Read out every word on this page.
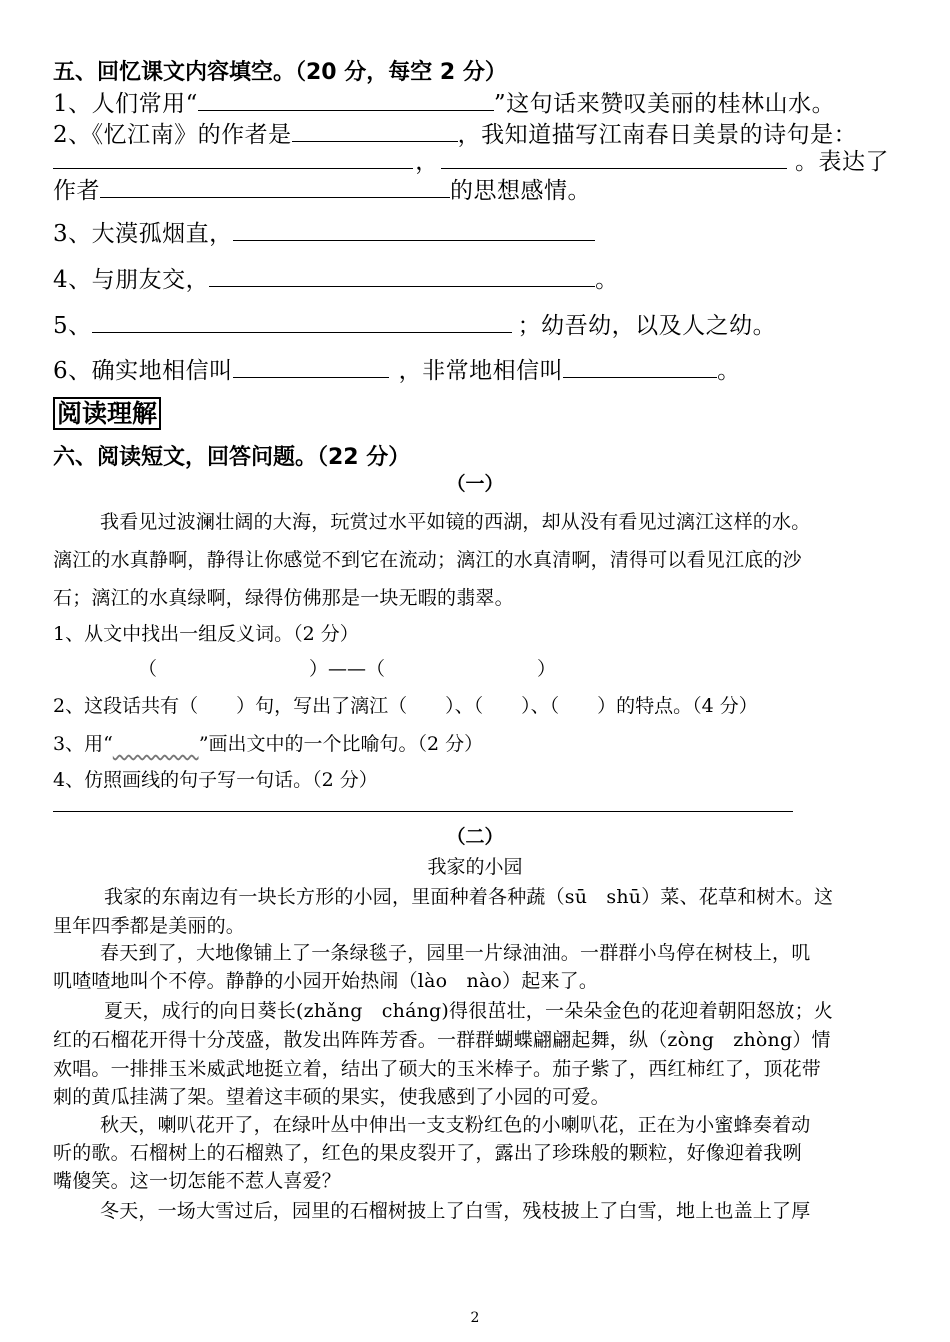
五、回忆课文内容填空。（20 分，每空 2 分）
1、人们常用“	”这句话来赞叹美丽的桂林山水。
2、《忆江南》的作者是	，我知道描写江南春日美景的诗句是：
，	。表达了
作者	的思想感情。
3、大漠孤烟直，
4、与朋友交，	。
5、	；幼吾幼，以及人之幼。
6、确实地相信叫	，非常地相信叫	。
阅读理解
六、阅读短文，回答问题。（22 分）
（一）
我看见过波澜壮阔的大海，玩赏过水平如镜的西湖，却从没有看见过漓江这样的水。
漓江的水真静啊，静得让你感觉不到它在流动；漓江的水真清啊，清得可以看见江底的沙
石；漓江的水真绿啊，绿得仿佛那是一块无暇的翡翠。
1、从文中找出一组反义词。（2 分）
（　　　　　　　　）——（　　　　　　　　）
2、这段话共有（　　）句，写出了漓江（　　）、（　　）、（　　）的特点。（4 分）
3、用“	”画出文中的一个比喻句。（2 分）
4、仿照画线的句子写一句话。（2 分）
（二）
我家的小园
我家的东南边有一块长方形的小园，里面种着各种蔬（sū　shū）菜、花草和树木。这
里年四季都是美丽的。
春天到了，大地像铺上了一条绿毯子，园里一片绿油油。一群群小鸟停在树枝上，叽
叽喳喳地叫个不停。静静的小园开始热闹（lào　nào）起来了。
夏天，成行的向日葵长(zhǎng　cháng)得很茁壮，一朵朵金色的花迎着朝阳怒放；火
红的石榴花开得十分茂盛，散发出阵阵芳香。一群群蝴蝶翩翩起舞，纵（zòng　zhòng）情
欢唱。一排排玉米威武地挺立着，结出了硕大的玉米棒子。茄子紫了，西红柿红了，顶花带
刺的黄瓜挂满了架。望着这丰硕的果实，使我感到了小园的可爱。
秋天，喇叭花开了，在绿叶丛中伸出一支支粉红色的小喇叭花，正在为小蜜蜂奏着动
听的歌。石榴树上的石榴熟了，红色的果皮裂开了，露出了珍珠般的颗粒，好像迎着我咧
嘴傻笑。这一切怎能不惹人喜爱？
冬天，一场大雪过后，园里的石榴树披上了白雪，残枝披上了白雪，地上也盖上了厚
2
